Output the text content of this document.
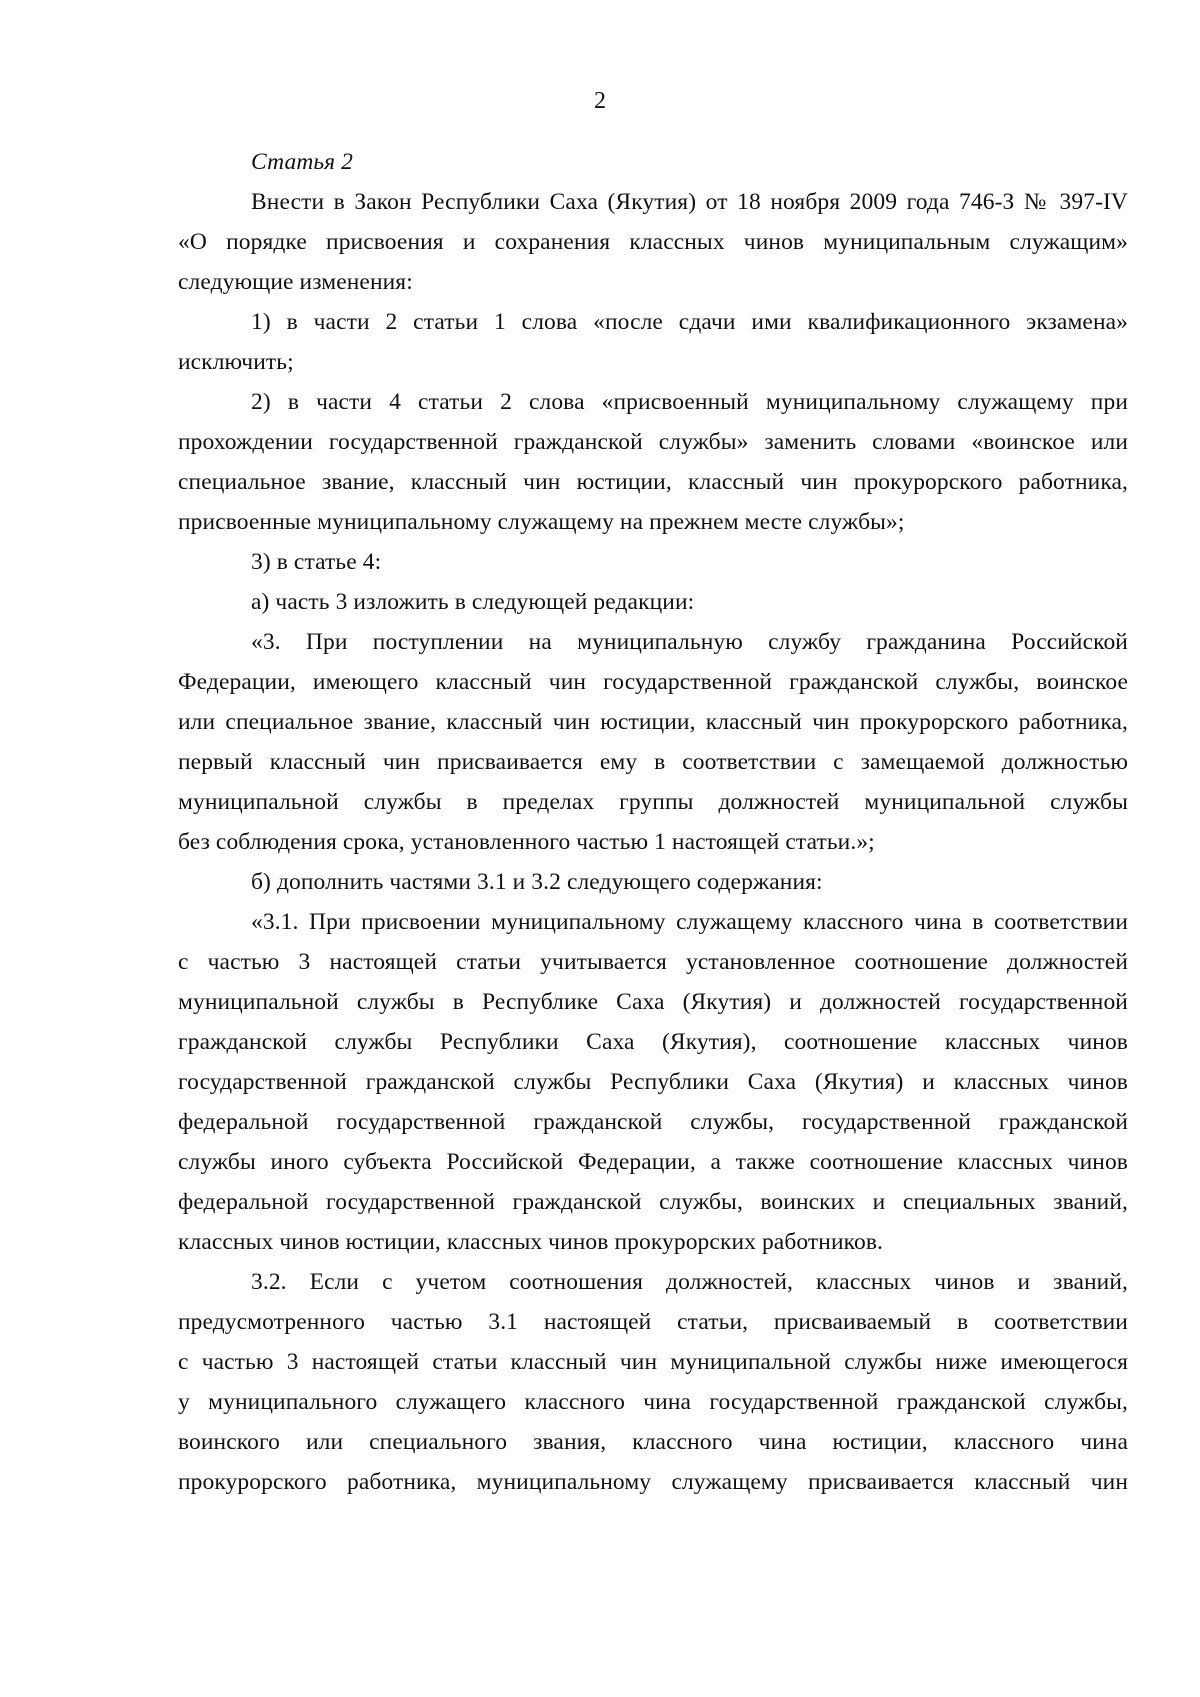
2

Статья 2

Внести в Закон Республики Саха (Якутия) от 18 ноября 2009 года 746-З № 397-IV
«О порядке присвоения и сохранения классных чинов муниципальным служащим»
следующие изменения:

1) в части 2 статьи 1 слова «после сдачи ими квалификационного экзамена»
исключить;

2) в части 4 статьи 2 слова «присвоенный муниципальному служащему при
прохождении государственной гражданской службы» заменить словами «воинское или
специальное звание, классный чин юстиции, классный чин прокурорского работника,
присвоенные муниципальному служащему на прежнем месте службы»;

3) в статье 4:

а) часть 3 изложить в следующей редакции:

«3. При поступлении на муниципальную службу гражданина Российской
Федерации, имеющего классный чин государственной гражданской службы, воинское
или специальное звание, классный чин юстиции, классный чин прокурорского работника,
первый классный чин присваивается ему в соответствии с замещаемой должностью
муниципальной службы в пределах группы должностей муниципальной службы
без соблюдения срока, установленного частью 1 настоящей статьи.»;

б) дополнить частями 3.1 и 3.2 следующего содержания:

«3.1. При присвоении муниципальному служащему классного чина в соответствии
с частью 3 настоящей статьи учитывается установленное соотношение должностей
муниципальной службы в Республике Саха (Якутия) и должностей государственной
гражданской службы Республики Саха (Якутия), соотношение классных чинов
государственной гражданской службы Республики Саха (Якутия) и классных чинов
федеральной государственной гражданской службы, государственной гражданской
службы иного субъекта Российской Федерации, а также соотношение классных чинов
федеральной государственной гражданской службы, воинских и специальных званий,
классных чинов юстиции, классных чинов прокурорских работников.

3.2. Если с учетом соотношения должностей, классных чинов и званий,
предусмотренного частью 3.1 настоящей статьи, присваиваемый в соответствии
с частью 3 настоящей статьи классный чин муниципальной службы ниже имеющегося
у муниципального служащего классного чина государственной гражданской службы,
воинского или специального звания, классного чина юстиции, классного чина
прокурорского работника, муниципальному служащему присваивается классный чин
